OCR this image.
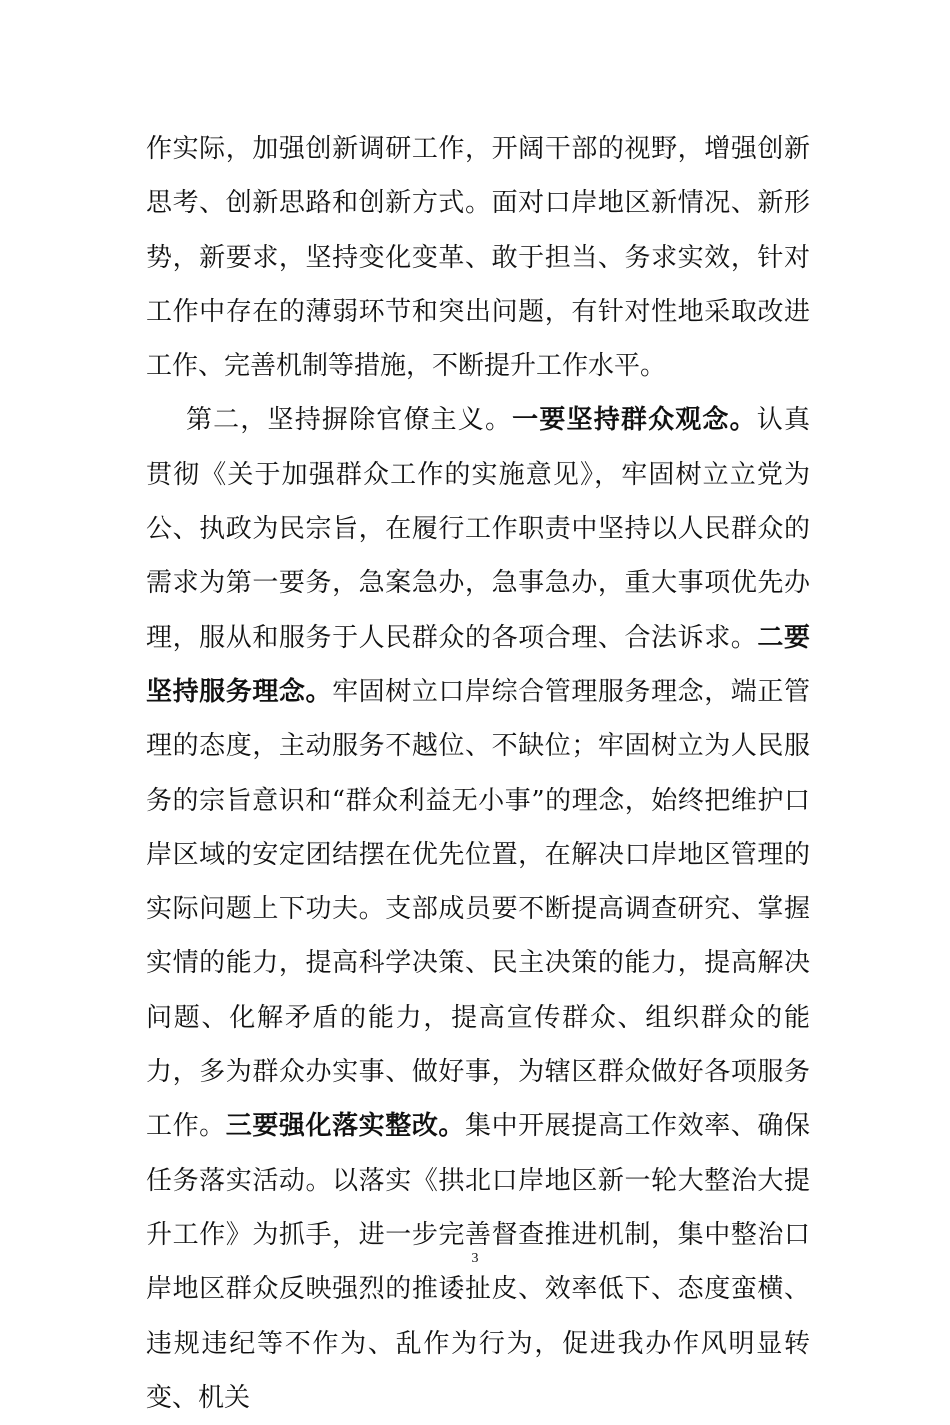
作实际，加强创新调研工作，开阔干部的视野，增强创新思考、创新思路和创新方式。面对口岸地区新情况、新形势，新要求，坚持变化变革、敢于担当、务求实效，针对工作中存在的薄弱环节和突出问题，有针对性地采取改进工作、完善机制等措施，不断提升工作水平。

第二，坚持摒除官僚主义。一要坚持群众观念。认真贯彻《关于加强群众工作的实施意见》，牢固树立立党为公、执政为民宗旨，在履行工作职责中坚持以人民群众的需求为第一要务，急案急办，急事急办，重大事项优先办理，服从和服务于人民群众的各项合理、合法诉求。二要坚持服务理念。牢固树立口岸综合管理服务理念，端正管理的态度，主动服务不越位、不缺位；牢固树立为人民服务的宗旨意识和“群众利益无小事”的理念，始终把维护口岸区域的安定团结摆在优先位置，在解决口岸地区管理的实际问题上下功夫。支部成员要不断提高调查研究、掌握实情的能力，提高科学决策、民主决策的能力，提高解决问题、化解矛盾的能力，提高宣传群众、组织群众的能力，多为群众办实事、做好事，为辖区群众做好各项服务工作。三要强化落实整改。集中开展提高工作效率、确保任务落实活动。以落实《拱北口岸地区新一轮大整治大提升工作》为抓手，进一步完善督查推进机制，集中整治口岸地区群众反映强烈的推诿扯皮、效率低下、态度蛮横、违规违纪等不作为、乱作为行为，促进我办作风明显转变、机关

3
